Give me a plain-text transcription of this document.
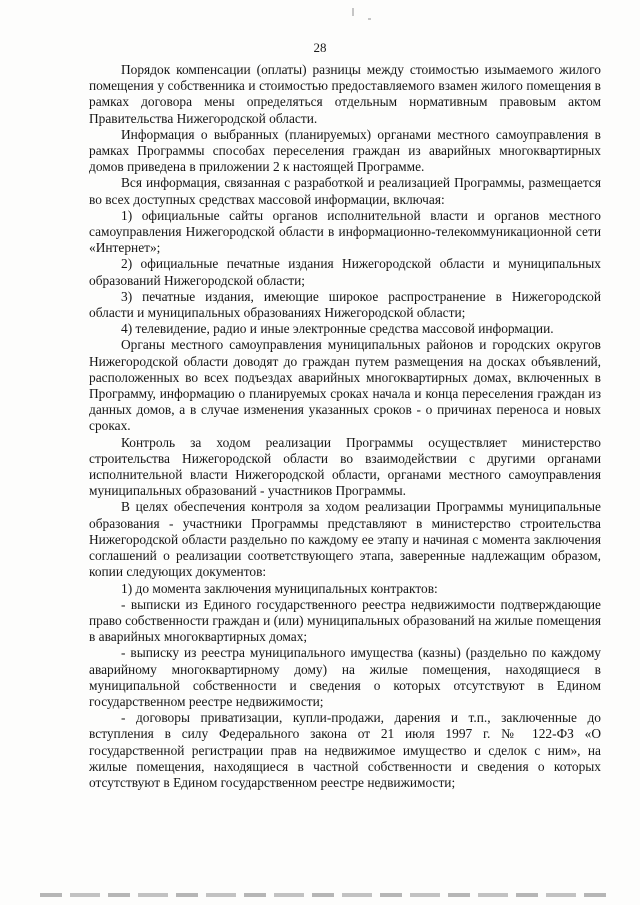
28

Порядок компенсации (оплаты) разницы между стоимостью изымаемого жилого помещения у собственника и стоимостью предоставляемого взамен жилого помещения в рамках договора мены определяться отдельным нормативным правовым актом Правительства Нижегородской области.

Информация о выбранных (планируемых) органами местного самоуправления в рамках Программы способах переселения граждан из аварийных многоквартирных домов приведена в приложении 2 к настоящей Программе.

Вся информация, связанная с разработкой и реализацией Программы, размещается во всех доступных средствах массовой информации, включая:

1) официальные сайты органов исполнительной власти и органов местного самоуправления Нижегородской области в информационно-телекоммуникационной сети «Интернет»;

2) официальные печатные издания Нижегородской области и муниципальных образований Нижегородской области;

3) печатные издания, имеющие широкое распространение в Нижегородской области и муниципальных образованиях Нижегородской области;

4) телевидение, радио и иные электронные средства массовой информации.

Органы местного самоуправления муниципальных районов и городских округов Нижегородской области доводят до граждан путем размещения на досках объявлений, расположенных во всех подъездах аварийных многоквартирных домах, включенных в Программу, информацию о планируемых сроках начала и конца переселения граждан из данных домов, а в случае изменения указанных сроков - о причинах переноса и новых сроках.

Контроль за ходом реализации Программы осуществляет министерство строительства Нижегородской области во взаимодействии с другими органами исполнительной власти Нижегородской области, органами местного самоуправления муниципальных образований - участников Программы.

В целях обеспечения контроля за ходом реализации Программы муниципальные образования - участники Программы представляют в министерство строительства Нижегородской области раздельно по каждому ее этапу и начиная с момента заключения соглашений о реализации соответствующего этапа, заверенные надлежащим образом, копии следующих документов:

1) до момента заключения муниципальных контрактов:

- выписки из Единого государственного реестра недвижимости подтверждающие право собственности граждан и (или) муниципальных образований на жилые помещения в аварийных многоквартирных домах;

- выписку из реестра муниципального имущества (казны) (раздельно по каждому аварийному многоквартирному дому) на жилые помещения, находящиеся в муниципальной собственности и сведения о которых отсутствуют в Едином государственном реестре недвижимости;

- договоры приватизации, купли-продажи, дарения и т.п., заключенные до вступления в силу Федерального закона от 21 июля 1997 г. № 122-ФЗ «О государственной регистрации прав на недвижимое имущество и сделок с ним», на жилые помещения, находящиеся в частной собственности и сведения о которых отсутствуют в Едином государственном реестре недвижимости;
